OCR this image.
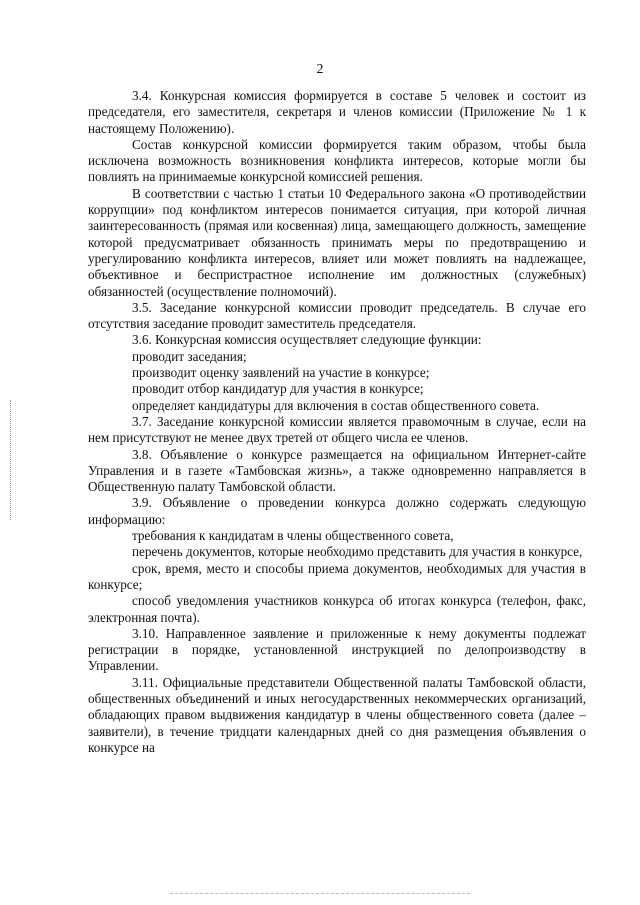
2

3.4. Конкурсная комиссия формируется в составе 5 человек и состоит из председателя, его заместителя, секретаря и членов комиссии (Приложение № 1 к настоящему Положению).

Состав конкурсной комиссии формируется таким образом, чтобы была исключена возможность возникновения конфликта интересов, которые могли бы повлиять на принимаемые конкурсной комиссией решения.

В соответствии с частью 1 статьи 10 Федерального закона «О противодействии коррупции» под конфликтом интересов понимается ситуация, при которой личная заинтересованность (прямая или косвенная) лица, замещающего должность, замещение которой предусматривает обязанность принимать меры по предотвращению и урегулированию конфликта интересов, влияет или может повлиять на надлежащее, объективное и беспристрастное исполнение им должностных (служебных) обязанностей (осуществление полномочий).

3.5. Заседание конкурсной комиссии проводит председатель. В случае его отсутствия заседание проводит заместитель председателя.

3.6. Конкурсная комиссия осуществляет следующие функции:

проводит заседания;

производит оценку заявлений на участие в конкурсе;

проводит отбор кандидатур для участия в конкурсе;

определяет кандидатуры для включения в состав общественного совета.

3.7. Заседание конкурсной комиссии является правомочным в случае, если на нем присутствуют не менее двух третей от общего числа ее членов.

3.8. Объявление о конкурсе размещается на официальном Интернет-сайте Управления и в газете «Тамбовская жизнь», а также одновременно направляется в Общественную палату Тамбовской области.

3.9. Объявление о проведении конкурса должно содержать следующую информацию:

требования к кандидатам в члены общественного совета,

перечень документов, которые необходимо представить для участия в конкурсе,

срок, время, место и способы приема документов, необходимых для участия в конкурсе;

способ уведомления участников конкурса об итогах конкурса (телефон, факс, электронная почта).

3.10. Направленное заявление и приложенные к нему документы подлежат регистрации в порядке, установленной инструкцией по делопроизводству в Управлении.

3.11. Официальные представители Общественной палаты Тамбовской области, общественных объединений и иных негосударственных некоммерческих организаций, обладающих правом выдвижения кандидатур в члены общественного совета (далее – заявители), в течение тридцати календарных дней со дня размещения объявления о конкурсе на
